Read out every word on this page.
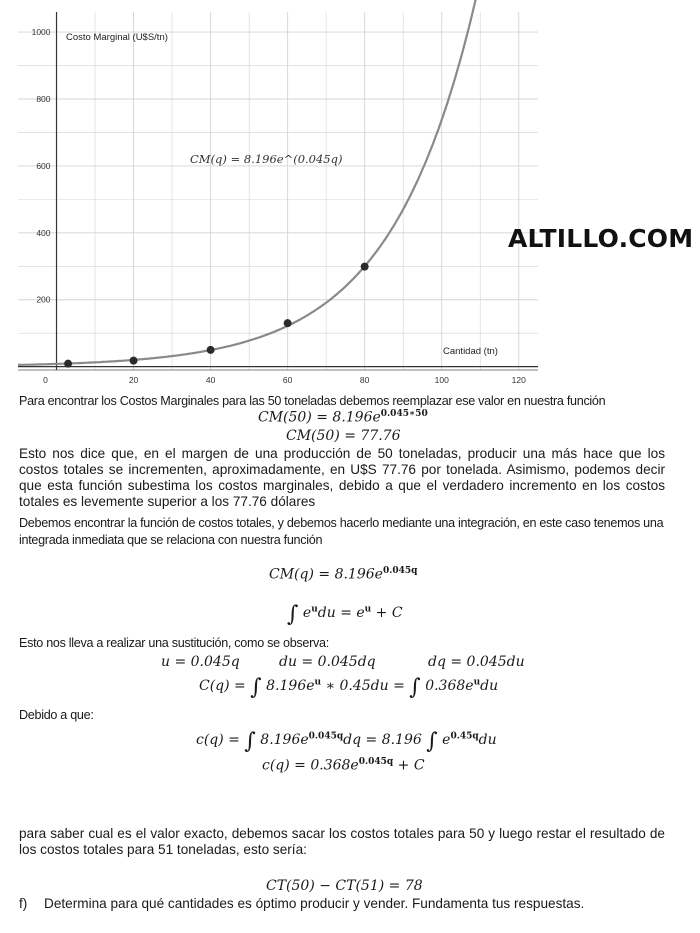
0	20	40	60	80	100	120
200
400
600
800
1000 Costo Marginal (U$S/tn)
Cantidad (tn)
CM(q) = 8.196e^(0.045q)
ALTILLO.COM
Para encontrar los Costos Marginales para las 50 toneladas debemos reemplazar ese valor en nuestra función
$CM(50) = 8.196e^{0.045∗50}$
CM(50) = 77.76
Esto nos dice que, en el margen de una producción de 50 toneladas, producir una más hace que los costos totales se incrementen, aproximadamente, en U$S 77.76 por tonelada. Asimismo, podemos decir que esta función subestima los costos marginales, debido a que el verdadero incremento en los costos totales es levemente superior a los 77.76 dólares
Debemos encontrar la función de costos totales, y debemos hacerlo mediante una integración, en este caso tenemos una integrada inmediata que se relaciona con nuestra función
$CM(q) = 8.196e^{0.045q}$
∫ $e^udu = e^u + C$
Esto nos lleva a realizar una sustitución, como se observa:
u = 0.045q	du = 0.045dq	dq = 0.045du
C(q) = ∫ $8.196e^u$ ∗ 0.45du = ∫ $0.368e^udu$
Debido a que:
c(q) = ∫ $8.196e^{0.045q}dq = 8.196$ ∫ $e^{0.45q}du$
$c(q) = 0.368e^{0.045q} + C$
para saber cual es el valor exacto, debemos sacar los costos totales para 50 y luego restar el resultado de los costos totales para 51 toneladas, esto sería:
CT(50) − CT(51) = 78
f) Determina para qué cantidades es óptimo producir y vender. Fundamenta tus respuestas.
